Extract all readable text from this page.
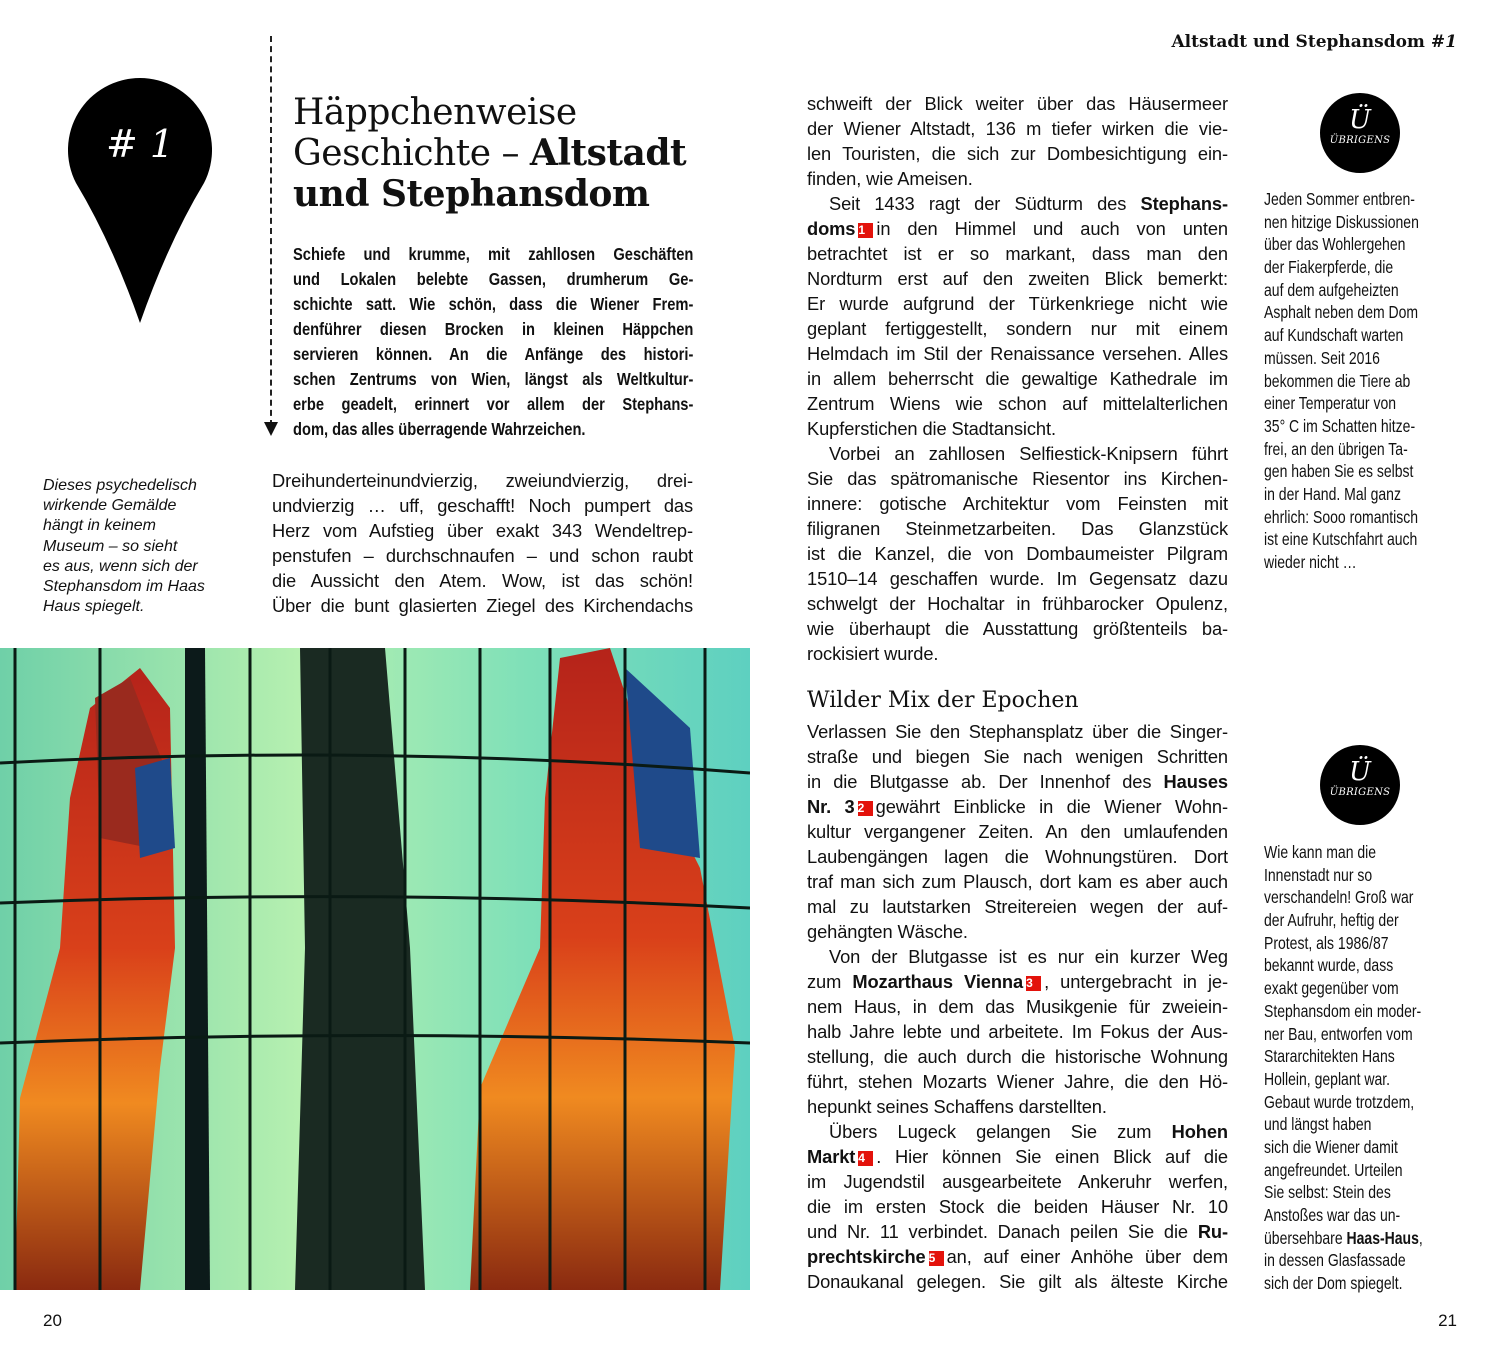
Altstadt und Stephansdom #1
# 1
Häppchenweise
Geschichte – Altstadt
und Stephansdom
Schiefe und krumme, mit zahllosen Geschäften
und Lokalen belebte Gassen, drumherum Ge-
schichte satt. Wie schön, dass die Wiener Frem-
denführer diesen Brocken in kleinen Häppchen
servieren können. An die Anfänge des histori-
schen Zentrums von Wien, längst als Weltkultur-
erbe geadelt, erinnert vor allem der Stephans-
dom, das alles überragende Wahrzeichen.
Dieses psychedelisch
wirkende Gemälde
hängt in keinem
Museum – so sieht
es aus, wenn sich der
Stephansdom im Haas
Haus spiegelt.
Dreihunderteinundvierzig, zweiundvierzig, drei-
undvierzig … uff, geschafft! Noch pumpert das
Herz vom Aufstieg über exakt 343 Wendeltrep-
penstufen – durchschnaufen – und schon raubt
die Aussicht den Atem. Wow, ist das schön!
Über die bunt glasierten Ziegel des Kirchendachs
schweift der Blick weiter über das Häusermeer
der Wiener Altstadt, 136 m tiefer wirken die vie-
len Touristen, die sich zur Dombesichtigung ein-
finden, wie Ameisen.
Seit 1433 ragt der Südturm des Stephans-
doms 1 in den Himmel und auch von unten
betrachtet ist er so markant, dass man den
Nordturm erst auf den zweiten Blick bemerkt:
Er wurde aufgrund der Türkenkriege nicht wie
geplant fertiggestellt, sondern nur mit einem
Helmdach im Stil der Renaissance versehen. Alles
in allem beherrscht die gewaltige Kathedrale im
Zentrum Wiens wie schon auf mittelalterlichen
Kupferstichen die Stadtansicht.
Vorbei an zahllosen Selfiestick-Knipsern führt
Sie das spätromanische Riesentor ins Kirchen-
innere: gotische Architektur vom Feinsten mit
filigranen Steinmetzarbeiten. Das Glanzstück
ist die Kanzel, die von Dombaumeister Pilgram
1510–14 geschaffen wurde. Im Gegensatz dazu
schwelgt der Hochaltar in frühbarocker Opulenz,
wie überhaupt die Ausstattung größtenteils ba-
rockisiert wurde.
Wilder Mix der Epochen
Verlassen Sie den Stephansplatz über die Singer-
straße und biegen Sie nach wenigen Schritten
in die Blutgasse ab. Der Innenhof des Hauses
Nr. 3 2 gewährt Einblicke in die Wiener Wohn-
kultur vergangener Zeiten. An den umlaufenden
Laubengängen lagen die Wohnungstüren. Dort
traf man sich zum Plausch, dort kam es aber auch
mal zu lautstarken Streitereien wegen der auf-
gehängten Wäsche.
Von der Blutgasse ist es nur ein kurzer Weg
zum Mozarthaus Vienna 3 , untergebracht in je-
nem Haus, in dem das Musikgenie für zweiein-
halb Jahre lebte und arbeitete. Im Fokus der Aus-
stellung, die auch durch die historische Wohnung
führt, stehen Mozarts Wiener Jahre, die den Hö-
hepunkt seines Schaffens darstellten.
Übers Lugeck gelangen Sie zum Hohen
Markt 4 . Hier können Sie einen Blick auf die
im Jugendstil ausgearbeitete Ankeruhr werfen,
die im ersten Stock die beiden Häuser Nr. 10
und Nr. 11 verbindet. Danach peilen Sie die Ru-
prechtskirche 5 an, auf einer Anhöhe über dem
Donaukanal gelegen. Sie gilt als älteste Kirche
Ü
ÜBRIGENS
Jeden Sommer entbren-
nen hitzige Diskussionen
über das Wohlergehen
der Fiakerpferde, die
auf dem aufgeheizten
Asphalt neben dem Dom
auf Kundschaft warten
müssen. Seit 2016
bekommen die Tiere ab
einer Temperatur von
35° C im Schatten hitze-
frei, an den übrigen Ta-
gen haben Sie es selbst
in der Hand. Mal ganz
ehrlich: Sooo romantisch
ist eine Kutschfahrt auch
wieder nicht …
Ü
ÜBRIGENS
Wie kann man die
Innenstadt nur so
verschandeln! Groß war
der Aufruhr, heftig der
Protest, als 1986/87
bekannt wurde, dass
exakt gegenüber vom
Stephansdom ein moder-
ner Bau, entworfen vom
Stararchitekten Hans
Hollein, geplant war.
Gebaut wurde trotzdem,
und längst haben
sich die Wiener damit
angefreundet. Urteilen
Sie selbst: Stein des
Anstoßes war das un-
übersehbare Haas-Haus,
in dessen Glasfassade
sich der Dom spiegelt.
20	21
